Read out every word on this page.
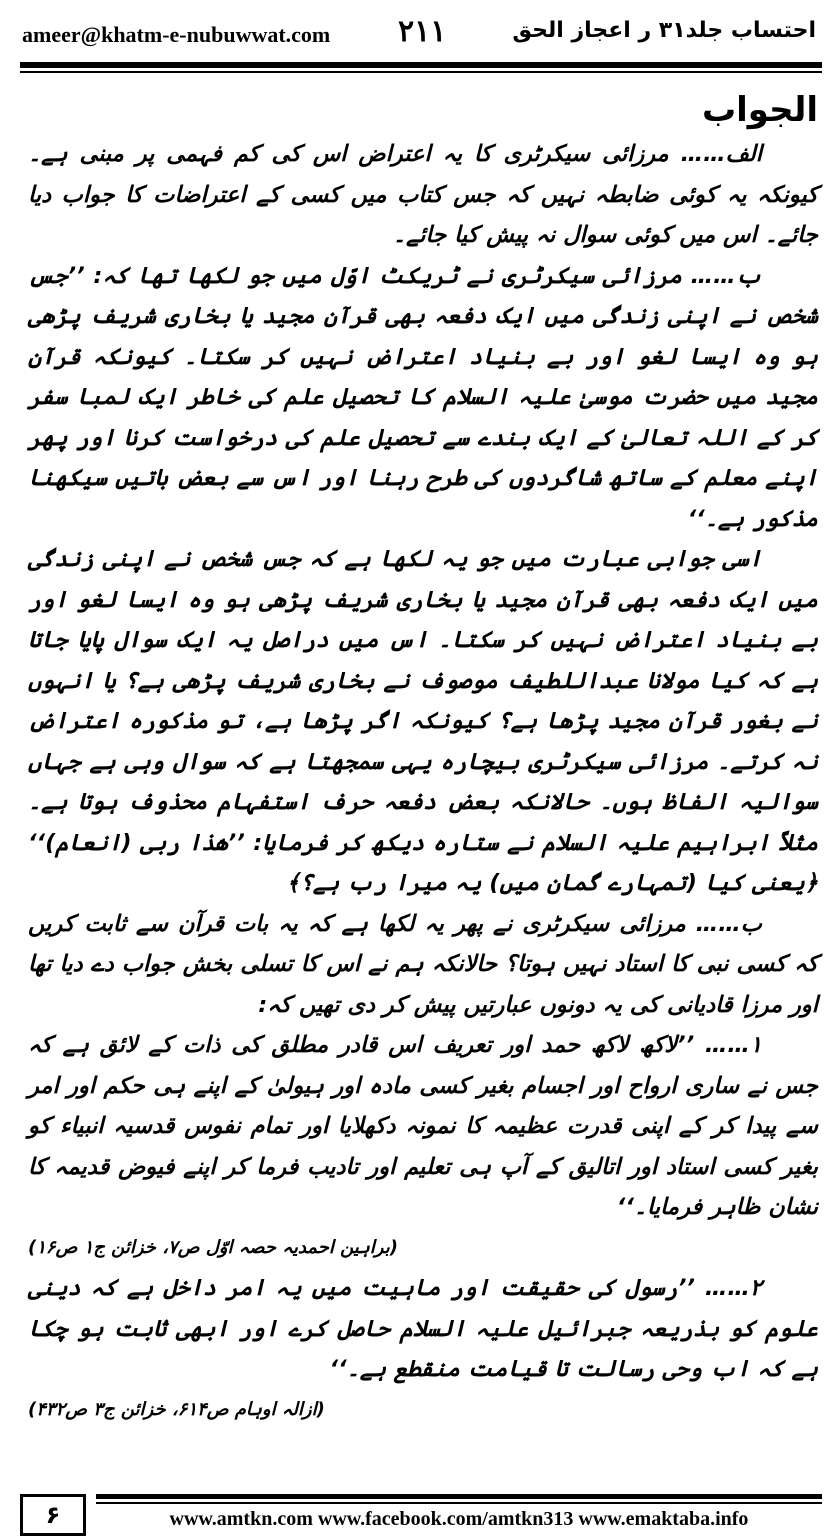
ameer@khatm-e-nubuwwat.com ۲۱۱	احتساب جلد۳۱ ر اعجاز الحق

الجواب

الف…… مرزائی سیکرٹری کا یہ اعتراض اس کی کم فہمی پر مبنی ہے۔ کیونکہ یہ کوئی ضابطہ نہیں کہ جس کتاب میں کسی کے اعتراضات کا جواب دیا جائے۔ اس میں کوئی سوال نہ پیش کیا جائے۔

ب…… مرزائی سیکرٹری نے ٹریکٹ اوّل میں جو لکھا تھا کہ: ’’جس شخص نے اپنی زندگی میں ایک دفعہ بھی قرآن مجید یا بخاری شریف پڑھی ہو وہ ایسا لغو اور بے بنیاد اعتراض نہیں کر سکتا۔ کیونکہ قرآن مجید میں حضرت موسیٰ علیہ السلام کا تحصیل علم کی خاطر ایک لمبا سفر کر کے اللہ تعالیٰ کے ایک بندے سے تحصیل علم کی درخواست کرنا اور پھر اپنے معلم کے ساتھ شاگردوں کی طرح رہنا اور اس سے بعض باتیں سیکھنا مذکور ہے۔‘‘

اسی جوابی عبارت میں جو یہ لکھا ہے کہ جس شخص نے اپنی زندگی میں ایک دفعہ بھی قرآن مجید یا بخاری شریف پڑھی ہو وہ ایسا لغو اور بے بنیاد اعتراض نہیں کر سکتا۔ اس میں دراصل یہ ایک سوال پایا جاتا ہے کہ کیا مولانا عبداللطیف موصوف نے بخاری شریف پڑھی ہے؟ یا انہوں نے بغور قرآن مجید پڑھا ہے؟ کیونکہ اگر پڑھا ہے، تو مذکورہ اعتراض نہ کرتے۔ مرزائی سیکرٹری بیچارہ یہی سمجھتا ہے کہ سوال وہی ہے جہاں سوالیہ الفاظ ہوں۔ حالانکہ بعض دفعہ حرف استفہام محذوف ہوتا ہے۔ مثلاً ابراہیم علیہ السلام نے ستارہ دیکھ کر فرمایا: ’’ھٰذا ربی (انعام)‘‘ ﴿یعنی کیا (تمہارے گمان میں) یہ میرا رب ہے؟﴾

ب…… مرزائی سیکرٹری نے پھر یہ لکھا ہے کہ یہ بات قرآن سے ثابت کریں کہ کسی نبی کا استاد نہیں ہوتا؟ حالانکہ ہم نے اس کا تسلی بخش جواب دے دیا تھا اور مرزا قادیانی کی یہ دونوں عبارتیں پیش کر دی تھیں کہ:

۱…… ’’لاکھ لاکھ حمد اور تعریف اس قادر مطلق کی ذات کے لائق ہے کہ جس نے ساری ارواح اور اجسام بغیر کسی مادہ اور ہیولیٰ کے اپنے ہی حکم اور امر سے پیدا کر کے اپنی قدرت عظیمہ کا نمونہ دکھلایا اور تمام نفوس قدسیہ انبیاء کو بغیر کسی استاد اور اتالیق کے آپ ہی تعلیم اور تادیب فرما کر اپنے فیوض قدیمہ کا نشان ظاہر فرمایا۔‘‘
(براہین احمدیہ حصہ اوّل ص۷، خزائن ج۱ ص۱۶)

۲…… ’’رسول کی حقیقت اور ماہیت میں یہ امر داخل ہے کہ دینی علوم کو بذریعہ جبرائیل علیہ السلام حاصل کرے اور ابھی ثابت ہو چکا ہے کہ اب وحی رسالت تا قیامت منقطع ہے۔‘‘
(ازالہ اوہام ص۶۱۴، خزائن ج۳ ص۴۳۲)

۶	www.amtkn.com www.facebook.com/amtkn313 www.emaktaba.info
